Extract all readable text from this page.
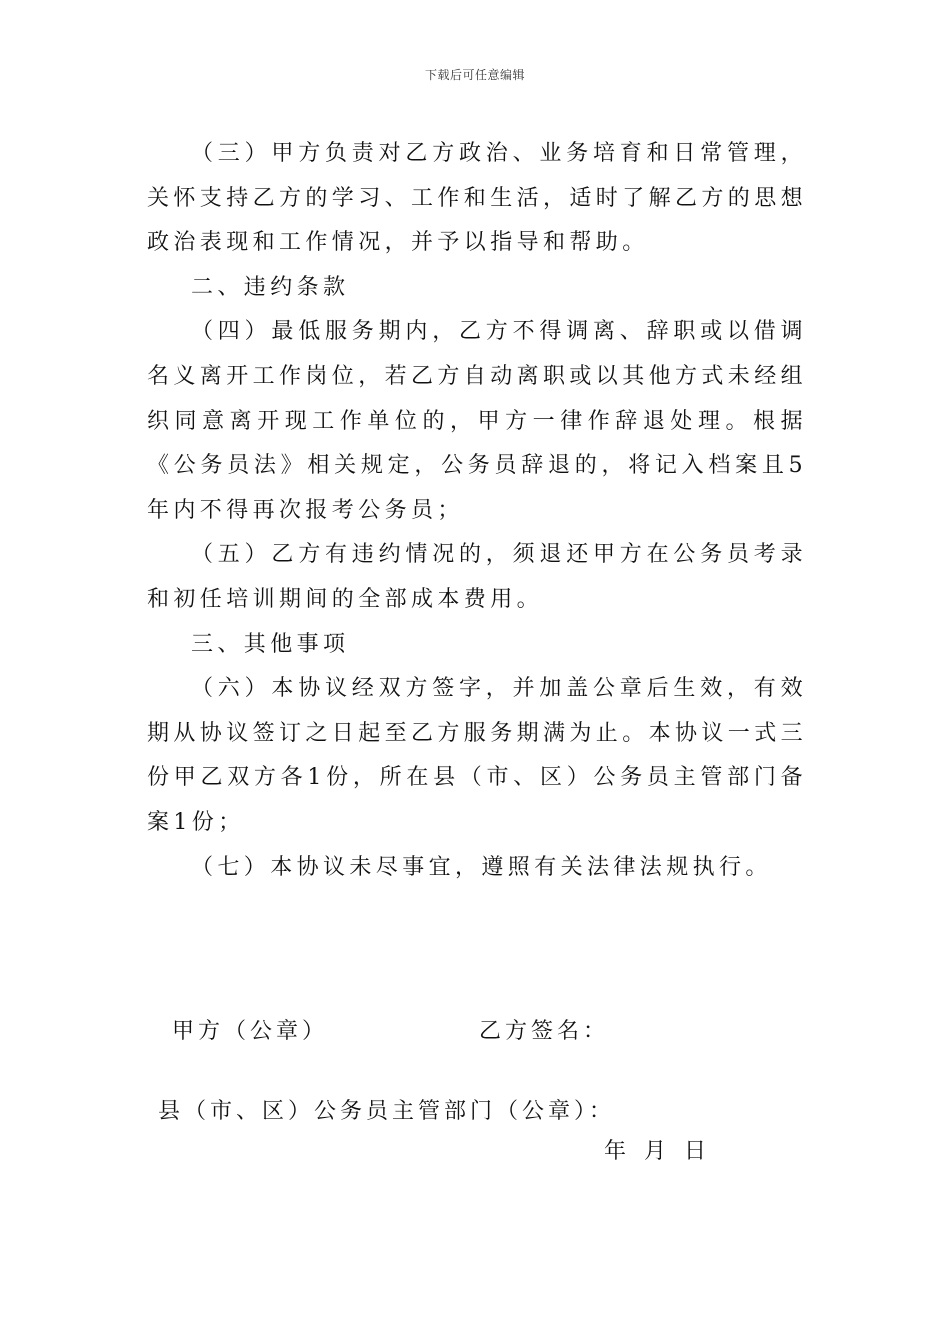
下载后可任意编辑

（三）甲方负责对乙方政治、业务培育和日常管理，关怀支持乙方的学习、工作和生活，适时了解乙方的思想政治表现和工作情况，并予以指导和帮助。

二、违约条款

（四）最低服务期内，乙方不得调离、辞职或以借调名义离开工作岗位，若乙方自动离职或以其他方式未经组织同意离开现工作单位的，甲方一律作辞退处理。根据《公务员法》相关规定，公务员辞退的，将记入档案且5年内不得再次报考公务员；

（五）乙方有违约情况的，须退还甲方在公务员考录和初任培训期间的全部成本费用。

三、其他事项

（六）本协议经双方签字，并加盖公章后生效，有效期从协议签订之日起至乙方服务期满为止。本协议一式三份甲乙双方各1份，所在县（市、区）公务员主管部门备案1份；

（七）本协议未尽事宜，遵照有关法律法规执行。

甲方（公章）	乙方签名：
县（市、区）公务员主管部门（公章）：
年 月 日
